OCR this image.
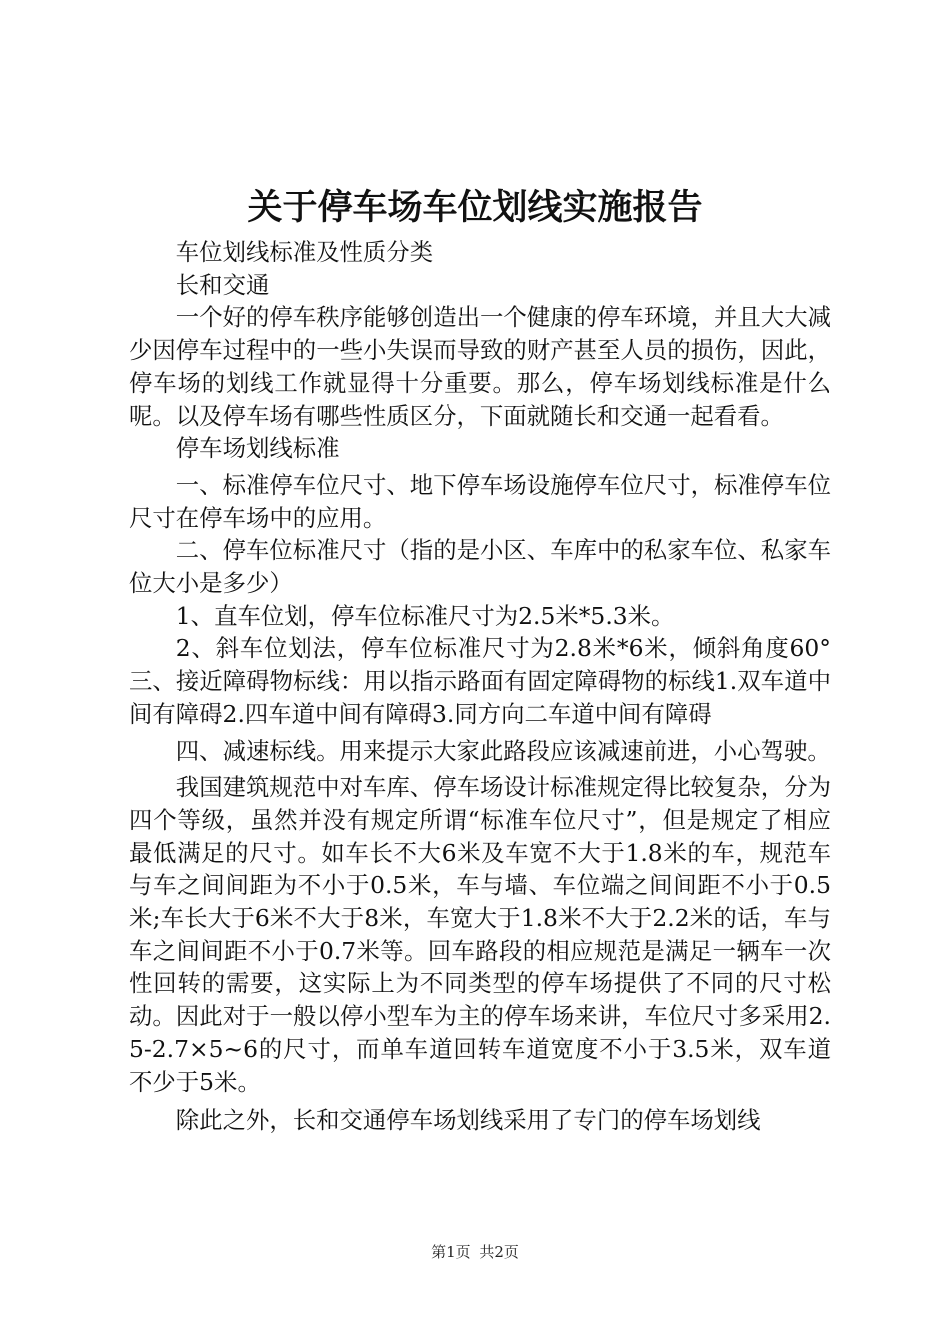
关于停车场车位划线实施报告

车位划线标准及性质分类

长和交通

一个好的停车秩序能够创造出一个健康的停车环境，并且大大减少因停车过程中的一些小失误而导致的财产甚至人员的损伤，因此，停车场的划线工作就显得十分重要。那么，停车场划线标准是什么呢。以及停车场有哪些性质区分，下面就随长和交通一起看看。

停车场划线标准

一、标准停车位尺寸、地下停车场设施停车位尺寸，标准停车位尺寸在停车场中的应用。

二、停车位标准尺寸（指的是小区、车库中的私家车位、私家车位大小是多少）

1、直车位划，停车位标准尺寸为2.5米*5.3米。

2、斜车位划法，停车位标准尺寸为2.8米*6米，倾斜角度60°三、接近障碍物标线：用以指示路面有固定障碍物的标线1.双车道中间有障碍2.四车道中间有障碍3.同方向二车道中间有障碍

四、减速标线。用来提示大家此路段应该减速前进，小心驾驶。

我国建筑规范中对车库、停车场设计标准规定得比较复杂，分为四个等级，虽然并没有规定所谓“标准车位尺寸”，但是规定了相应最低满足的尺寸。如车长不大6米及车宽不大于1.8米的车，规范车与车之间间距为不小于0.5米，车与墙、车位端之间间距不小于0.5米;车长大于6米不大于8米，车宽大于1.8米不大于2.2米的话，车与车之间间距不小于0.7米等。回车路段的相应规范是满足一辆车一次性回转的需要，这实际上为不同类型的停车场提供了不同的尺寸松动。因此对于一般以停小型车为主的停车场来讲，车位尺寸多采用2.5-2.7×5~6的尺寸，而单车道回转车道宽度不小于3.5米，双车道不少于5米。

除此之外，长和交通停车场划线采用了专门的停车场划线

第1页 共2页
